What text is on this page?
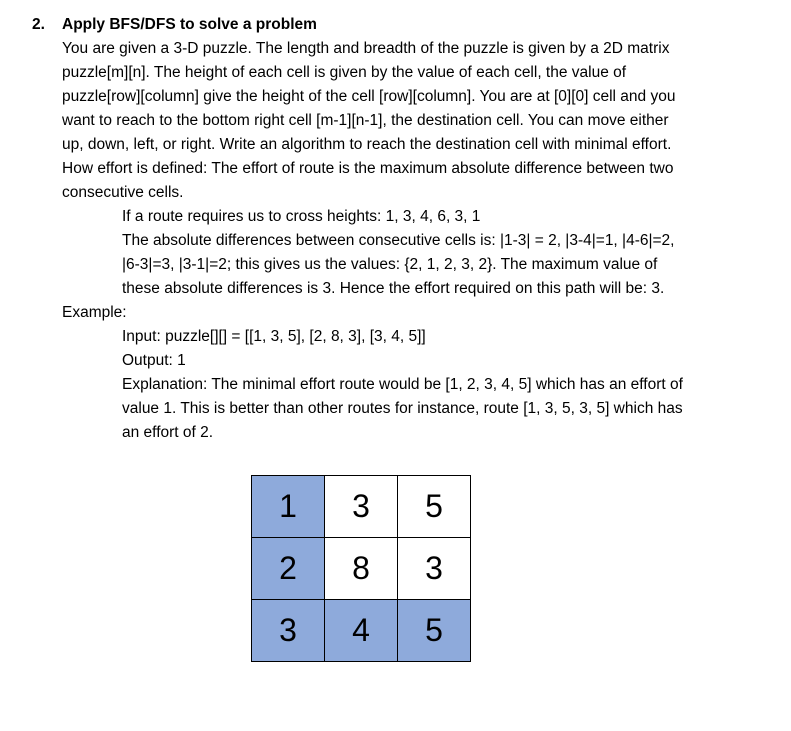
2. Apply BFS/DFS to solve a problem
You are given a 3-D puzzle. The length and breadth of the puzzle is given by a 2D matrix
puzzle[m][n]. The height of each cell is given by the value of each cell, the value of
puzzle[row][column] give the height of the cell [row][column]. You are at [0][0] cell and you
want to reach to the bottom right cell [m-1][n-1], the destination cell. You can move either
up, down, left, or right. Write an algorithm to reach the destination cell with minimal effort.
How effort is defined: The effort of route is the maximum absolute difference between two
consecutive cells.
If a route requires us to cross heights: 1, 3, 4, 6, 3, 1
The absolute differences between consecutive cells is: |1-3| = 2, |3-4|=1, |4-6|=2,
|6-3|=3, |3-1|=2; this gives us the values: {2, 1, 2, 3, 2}. The maximum value of
these absolute differences is 3. Hence the effort required on this path will be: 3.
Example:
Input: puzzle[][] = [[1, 3, 5], [2, 8, 3], [3, 4, 5]]
Output: 1
Explanation: The minimal effort route would be [1, 2, 3, 4, 5] which has an effort of
value 1. This is better than other routes for instance, route [1, 3, 5, 3, 5] which has
an effort of 2.
1	3	5
2	8	3
3	4	5
